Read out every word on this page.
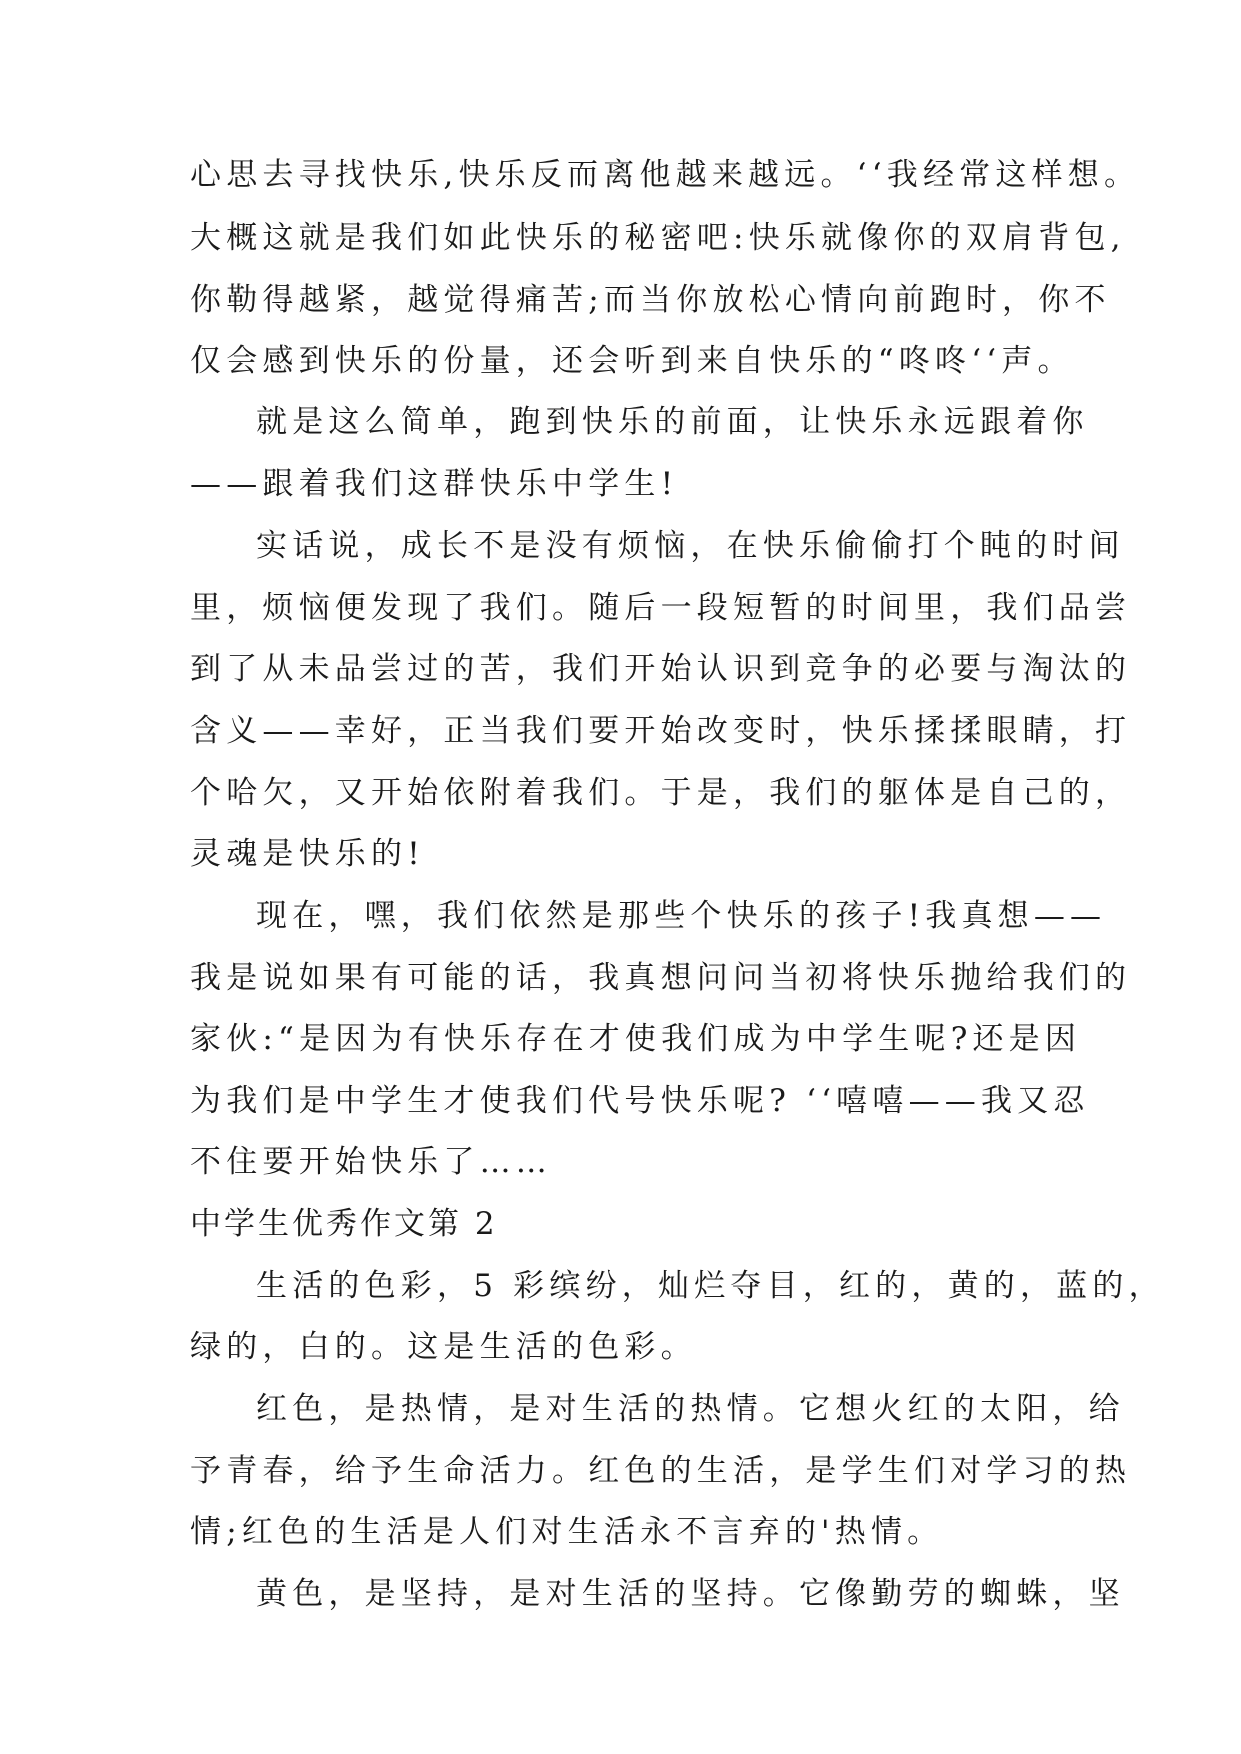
心思去寻找快乐,快乐反而离他越来越远。‘‘我经常这样想。
大概这就是我们如此快乐的秘密吧:快乐就像你的双肩背包,
你勒得越紧，越觉得痛苦;而当你放松心情向前跑时，你不
仅会感到快乐的份量，还会听到来自快乐的“咚咚‘‘声。
就是这么简单，跑到快乐的前面，让快乐永远跟着你
——跟着我们这群快乐中学生!
实话说，成长不是没有烦恼，在快乐偷偷打个盹的时间
里，烦恼便发现了我们。随后一段短暂的时间里，我们品尝
到了从未品尝过的苦，我们开始认识到竞争的必要与淘汰的
含义——幸好，正当我们要开始改变时，快乐揉揉眼睛，打
个哈欠，又开始依附着我们。于是，我们的躯体是自己的，
灵魂是快乐的!
现在，嘿，我们依然是那些个快乐的孩子!我真想——
我是说如果有可能的话，我真想问问当初将快乐抛给我们的
家伙:“是因为有快乐存在才使我们成为中学生呢?还是因
为我们是中学生才使我们代号快乐呢? ‘‘嘻嘻——我又忍
不住要开始快乐了……
中学生优秀作文第 2
生活的色彩，5 彩缤纷，灿烂夺目，红的，黄的，蓝的，
绿的，白的。这是生活的色彩。
红色，是热情，是对生活的热情。它想火红的太阳，给
予青春，给予生命活力。红色的生活，是学生们对学习的热
情;红色的生活是人们对生活永不言弃的'热情。
黄色，是坚持，是对生活的坚持。它像勤劳的蜘蛛，坚
